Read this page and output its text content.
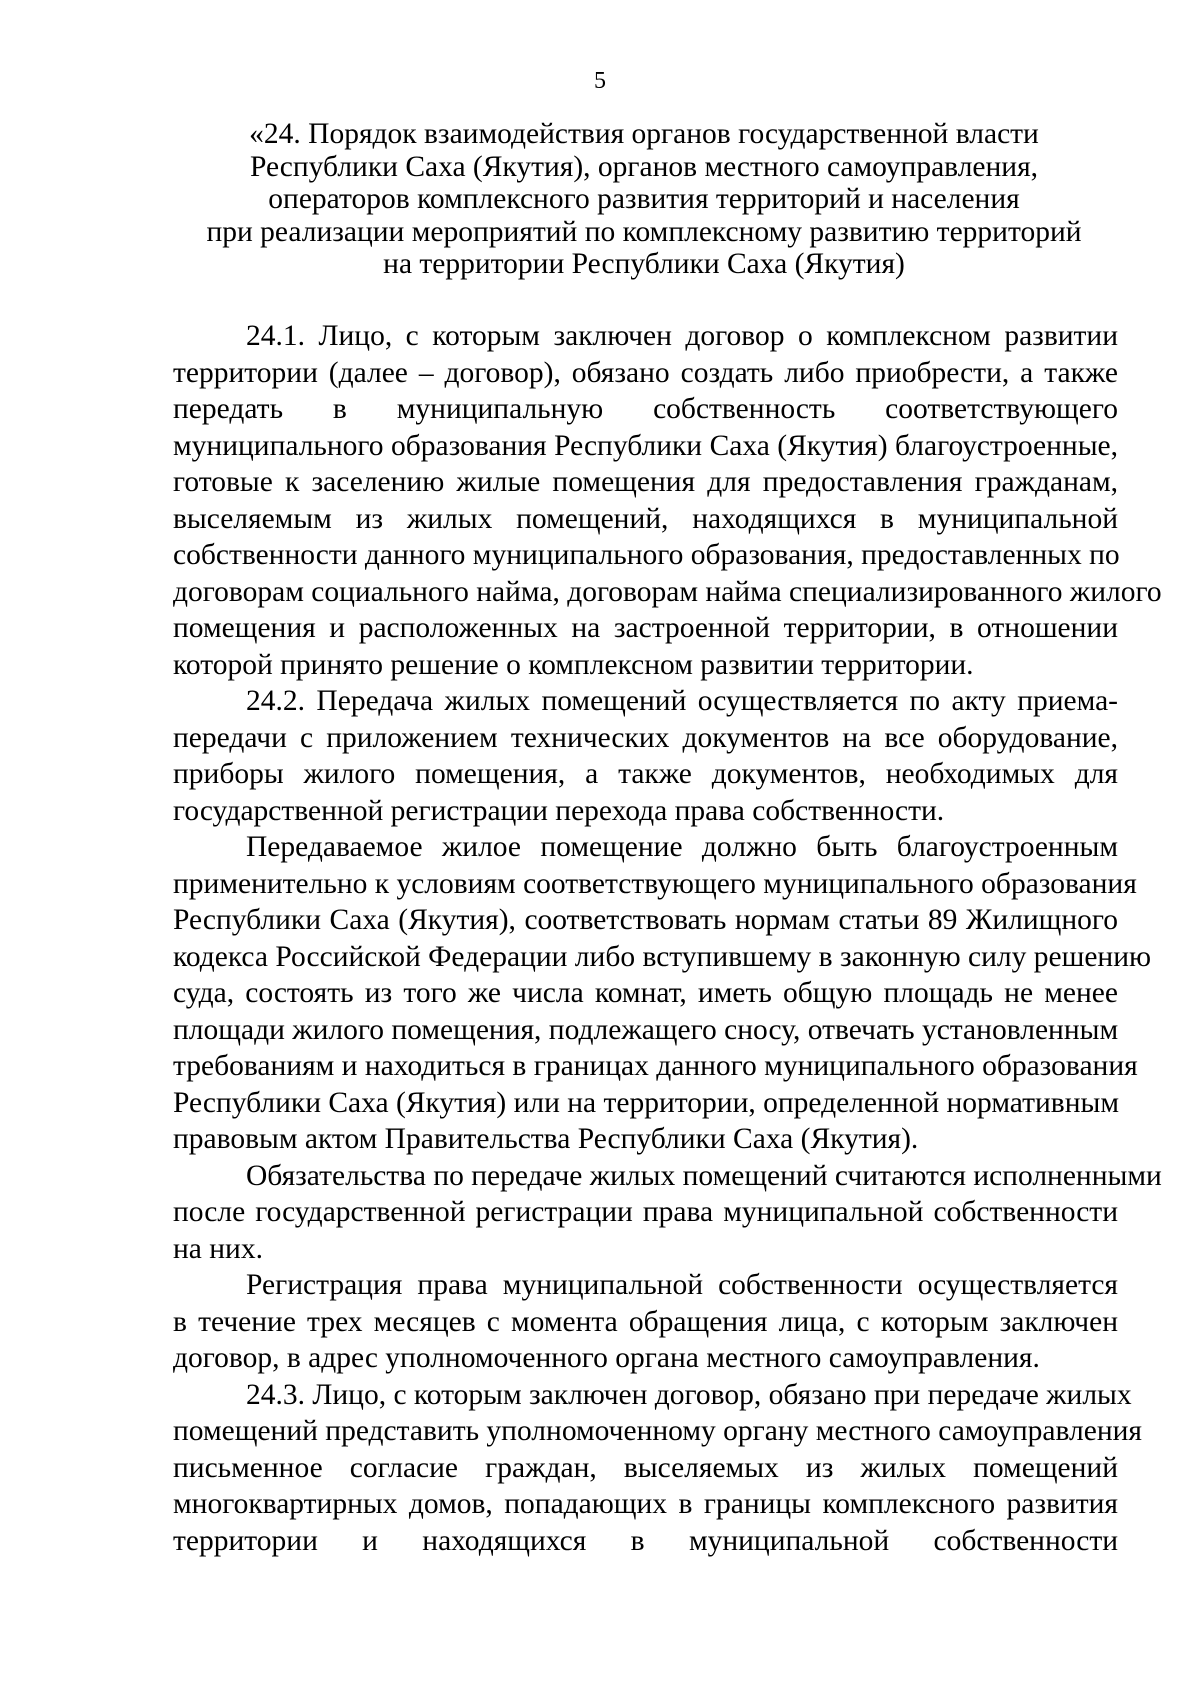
5
«24. Порядок взаимодействия органов государственной власти
Республики Саха (Якутия), органов местного самоуправления,
операторов комплексного развития территорий и населения
при реализации мероприятий по комплексному развитию территорий
на территории Республики Саха (Якутия)
24.1. Лицо, с которым заключен договор о комплексном развитии
территории (далее – договор), обязано создать либо приобрести, а также
передать в муниципальную собственность соответствующего
муниципального образования Республики Саха (Якутия) благоустроенные,
готовые к заселению жилые помещения для предоставления гражданам,
выселяемым из жилых помещений, находящихся в муниципальной
собственности данного муниципального образования, предоставленных по
договорам социального найма, договорам найма специализированного жилого
помещения и расположенных на застроенной территории, в отношении
которой принято решение о комплексном развитии территории.
24.2. Передача жилых помещений осуществляется по акту приема-
передачи с приложением технических документов на все оборудование,
приборы жилого помещения, а также документов, необходимых для
государственной регистрации перехода права собственности.
Передаваемое жилое помещение должно быть благоустроенным
применительно к условиям соответствующего муниципального образования
Республики Саха (Якутия), соответствовать нормам статьи 89 Жилищного
кодекса Российской Федерации либо вступившему в законную силу решению
суда, состоять из того же числа комнат, иметь общую площадь не менее
площади жилого помещения, подлежащего сносу, отвечать установленным
требованиям и находиться в границах данного муниципального образования
Республики Саха (Якутия) или на территории, определенной нормативным
правовым актом Правительства Республики Саха (Якутия).
Обязательства по передаче жилых помещений считаются исполненными
после государственной регистрации права муниципальной собственности
на них.
Регистрация права муниципальной собственности осуществляется
в течение трех месяцев с момента обращения лица, с которым заключен
договор, в адрес уполномоченного органа местного самоуправления.
24.3. Лицо, с которым заключен договор, обязано при передаче жилых
помещений представить уполномоченному органу местного самоуправления
письменное согласие граждан, выселяемых из жилых помещений
многоквартирных домов, попадающих в границы комплексного развития
территории и находящихся в муниципальной собственности
